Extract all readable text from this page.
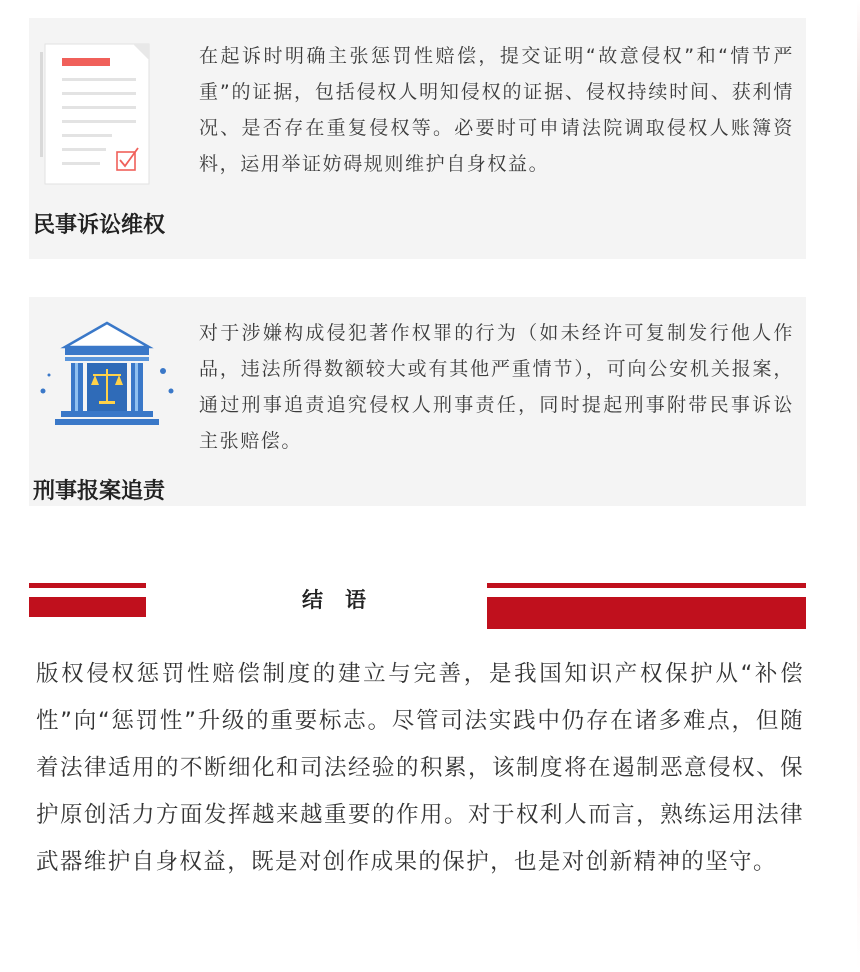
民事诉讼维权
在起诉时明确主张惩罚性赔偿，提交证明“故意侵权”和“情节严重”的证据，包括侵权人明知侵权的证据、侵权持续时间、获利情况、是否存在重复侵权等。必要时可申请法院调取侵权人账簿资料，运用举证妨碍规则维护自身权益。
刑事报案追责
对于涉嫌构成侵犯著作权罪的行为（如未经许可复制发行他人作品，违法所得数额较大或有其他严重情节），可向公安机关报案，通过刑事追责追究侵权人刑事责任，同时提起刑事附带民事诉讼主张赔偿。
结语
版权侵权惩罚性赔偿制度的建立与完善，是我国知识产权保护从“补偿性”向“惩罚性”升级的重要标志。尽管司法实践中仍存在诸多难点，但随着法律适用的不断细化和司法经验的积累，该制度将在遏制恶意侵权、保护原创活力方面发挥越来越重要的作用。对于权利人而言，熟练运用法律武器维护自身权益，既是对创作成果的保护，也是对创新精神的坚守。
